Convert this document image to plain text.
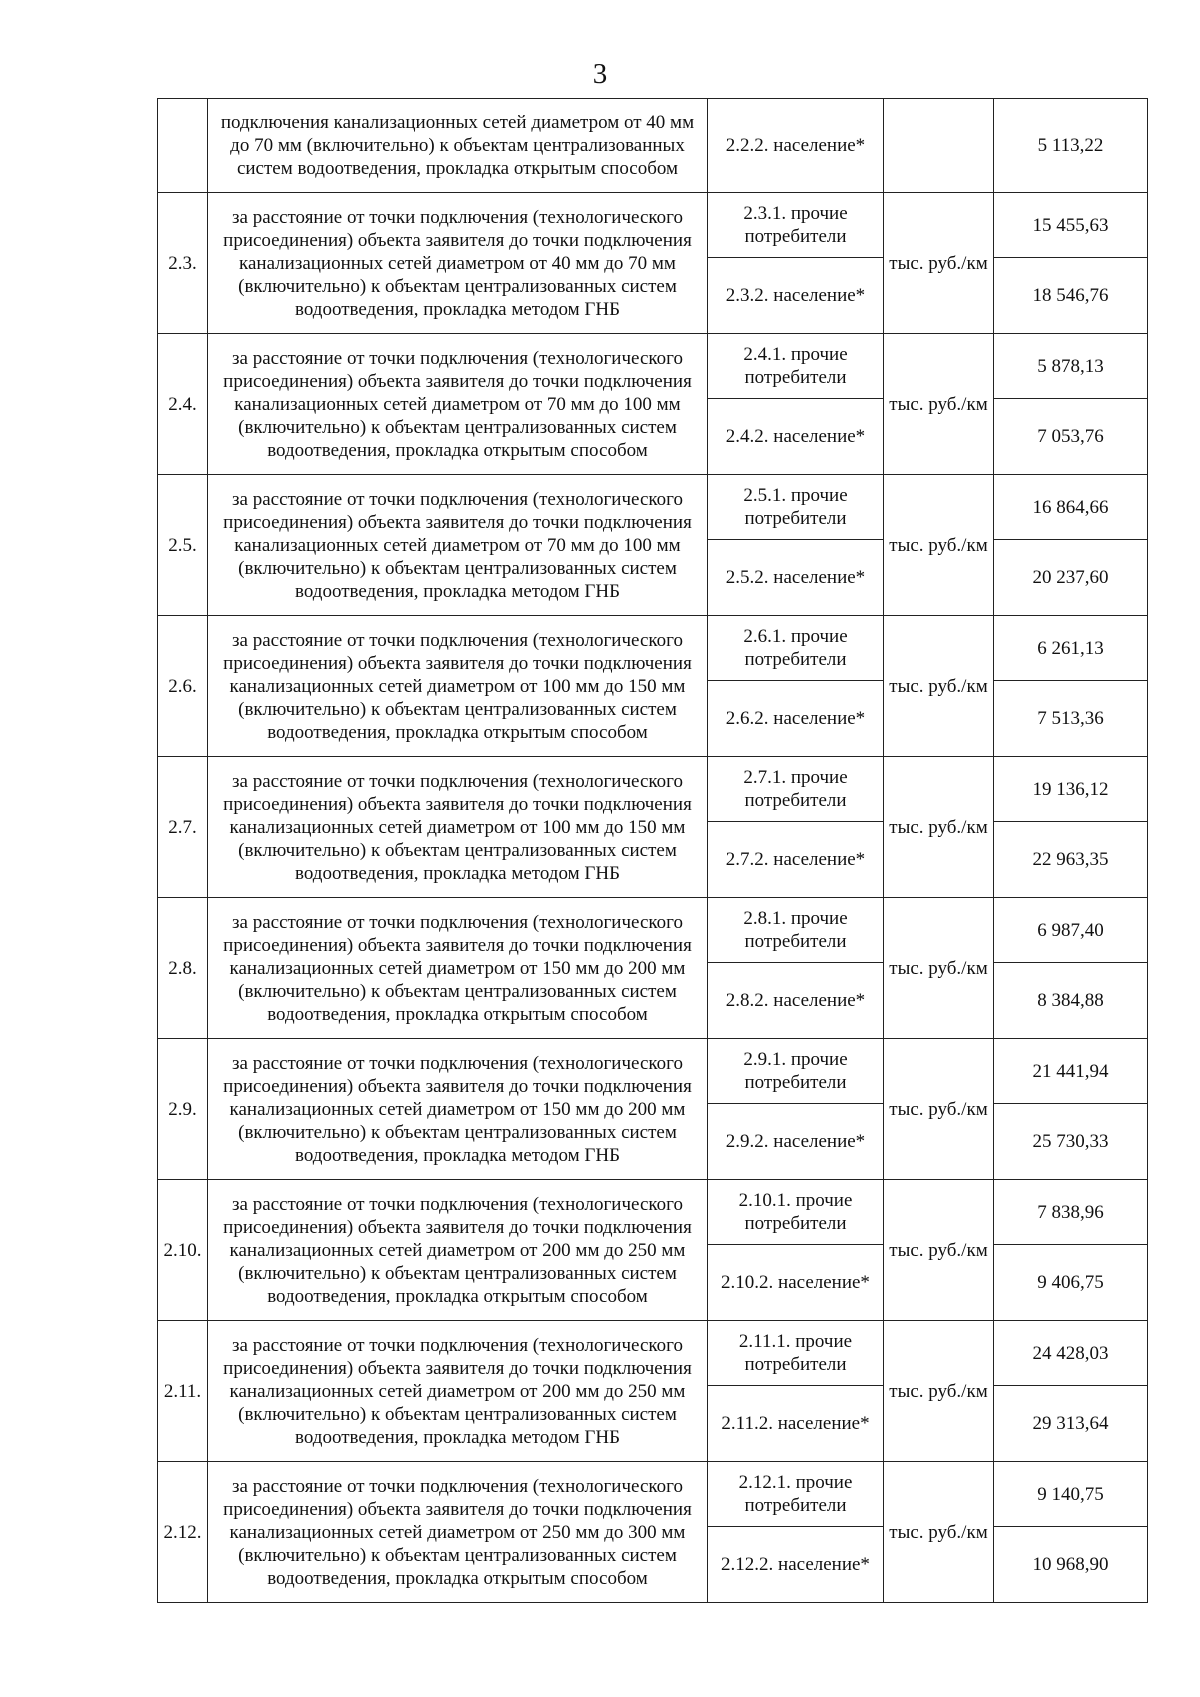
3
	подключения канализационных сетей диаметром от 40 мм до 70 мм (включительно) к объектам централизованных систем водоотведения, прокладка открытым способом	2.2.2. население*		5 113,22
2.3.	за расстояние от точки подключения (технологического присоединения) объекта заявителя до точки подключения канализационных сетей диаметром от 40 мм до 70 мм (включительно) к объектам централизованных систем водоотведения, прокладка методом ГНБ	2.3.1. прочие потребители	тыс. руб./км	15 455,63
		2.3.2. население*		18 546,76
2.4.	за расстояние от точки подключения (технологического присоединения) объекта заявителя до точки подключения канализационных сетей диаметром от 70 мм до 100 мм (включительно) к объектам централизованных систем водоотведения, прокладка открытым способом	2.4.1. прочие потребители	тыс. руб./км	5 878,13
		2.4.2. население*		7 053,76
2.5.	за расстояние от точки подключения (технологического присоединения) объекта заявителя до точки подключения канализационных сетей диаметром от 70 мм до 100 мм (включительно) к объектам централизованных систем водоотведения, прокладка методом ГНБ	2.5.1. прочие потребители	тыс. руб./км	16 864,66
		2.5.2. население*		20 237,60
2.6.	за расстояние от точки подключения (технологического присоединения) объекта заявителя до точки подключения канализационных сетей диаметром от 100 мм до 150 мм (включительно) к объектам централизованных систем водоотведения, прокладка открытым способом	2.6.1. прочие потребители	тыс. руб./км	6 261,13
		2.6.2. население*		7 513,36
2.7.	за расстояние от точки подключения (технологического присоединения) объекта заявителя до точки подключения канализационных сетей диаметром от 100 мм до 150 мм (включительно) к объектам централизованных систем водоотведения, прокладка методом ГНБ	2.7.1. прочие потребители	тыс. руб./км	19 136,12
		2.7.2. население*		22 963,35
2.8.	за расстояние от точки подключения (технологического присоединения) объекта заявителя до точки подключения канализационных сетей диаметром от 150 мм до 200 мм (включительно) к объектам централизованных систем водоотведения, прокладка открытым способом	2.8.1. прочие потребители	тыс. руб./км	6 987,40
		2.8.2. население*		8 384,88
2.9.	за расстояние от точки подключения (технологического присоединения) объекта заявителя до точки подключения канализационных сетей диаметром от 150 мм до 200 мм (включительно) к объектам централизованных систем водоотведения, прокладка методом ГНБ	2.9.1. прочие потребители	тыс. руб./км	21 441,94
		2.9.2. население*		25 730,33
2.10.	за расстояние от точки подключения (технологического присоединения) объекта заявителя до точки подключения канализационных сетей диаметром от 200 мм до 250 мм (включительно) к объектам централизованных систем водоотведения, прокладка открытым способом	2.10.1. прочие потребители	тыс. руб./км	7 838,96
		2.10.2. население*		9 406,75
2.11.	за расстояние от точки подключения (технологического присоединения) объекта заявителя до точки подключения канализационных сетей диаметром от 200 мм до 250 мм (включительно) к объектам централизованных систем водоотведения, прокладка методом ГНБ	2.11.1. прочие потребители	тыс. руб./км	24 428,03
		2.11.2. население*		29 313,64
2.12.	за расстояние от точки подключения (технологического присоединения) объекта заявителя до точки подключения канализационных сетей диаметром от 250 мм до 300 мм (включительно) к объектам централизованных систем водоотведения, прокладка открытым способом	2.12.1. прочие потребители	тыс. руб./км	9 140,75
		2.12.2. население*		10 968,90
